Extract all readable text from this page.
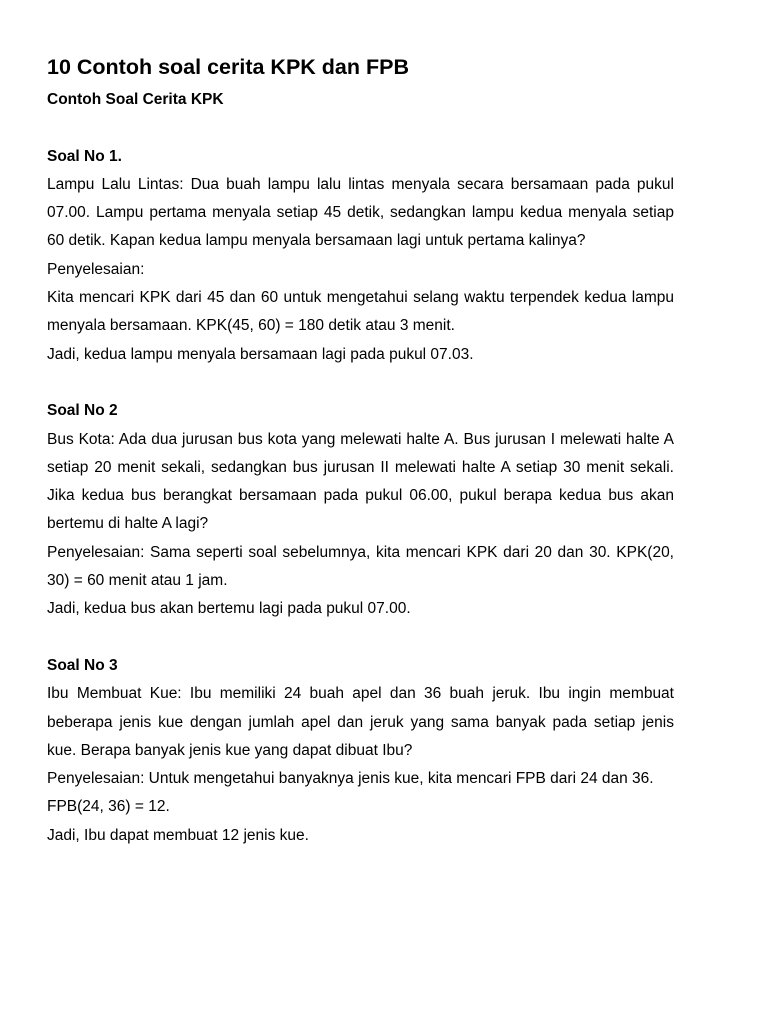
10 Contoh soal cerita KPK dan FPB
Contoh Soal Cerita KPK
Soal No 1.

Lampu Lalu Lintas: Dua buah lampu lalu lintas menyala secara bersamaan pada pukul 07.00. Lampu pertama menyala setiap 45 detik, sedangkan lampu kedua menyala setiap 60 detik. Kapan kedua lampu menyala bersamaan lagi untuk pertama kalinya?

Penyelesaian:

Kita mencari KPK dari 45 dan 60 untuk mengetahui selang waktu terpendek kedua lampu menyala bersamaan. KPK(45, 60) = 180 detik atau 3 menit.

Jadi, kedua lampu menyala bersamaan lagi pada pukul 07.03.

Soal No 2

Bus Kota: Ada dua jurusan bus kota yang melewati halte A. Bus jurusan I melewati halte A setiap 20 menit sekali, sedangkan bus jurusan II melewati halte A setiap 30 menit sekali. Jika kedua bus berangkat bersamaan pada pukul 06.00, pukul berapa kedua bus akan bertemu di halte A lagi?

Penyelesaian: Sama seperti soal sebelumnya, kita mencari KPK dari 20 dan 30. KPK(20, 30) = 60 menit atau 1 jam.

Jadi, kedua bus akan bertemu lagi pada pukul 07.00.

Soal No 3

Ibu Membuat Kue: Ibu memiliki 24 buah apel dan 36 buah jeruk. Ibu ingin membuat beberapa jenis kue dengan jumlah apel dan jeruk yang sama banyak pada setiap jenis kue. Berapa banyak jenis kue yang dapat dibuat Ibu?

Penyelesaian: Untuk mengetahui banyaknya jenis kue, kita mencari FPB dari 24 dan 36. FPB(24, 36) = 12.

Jadi, Ibu dapat membuat 12 jenis kue.
